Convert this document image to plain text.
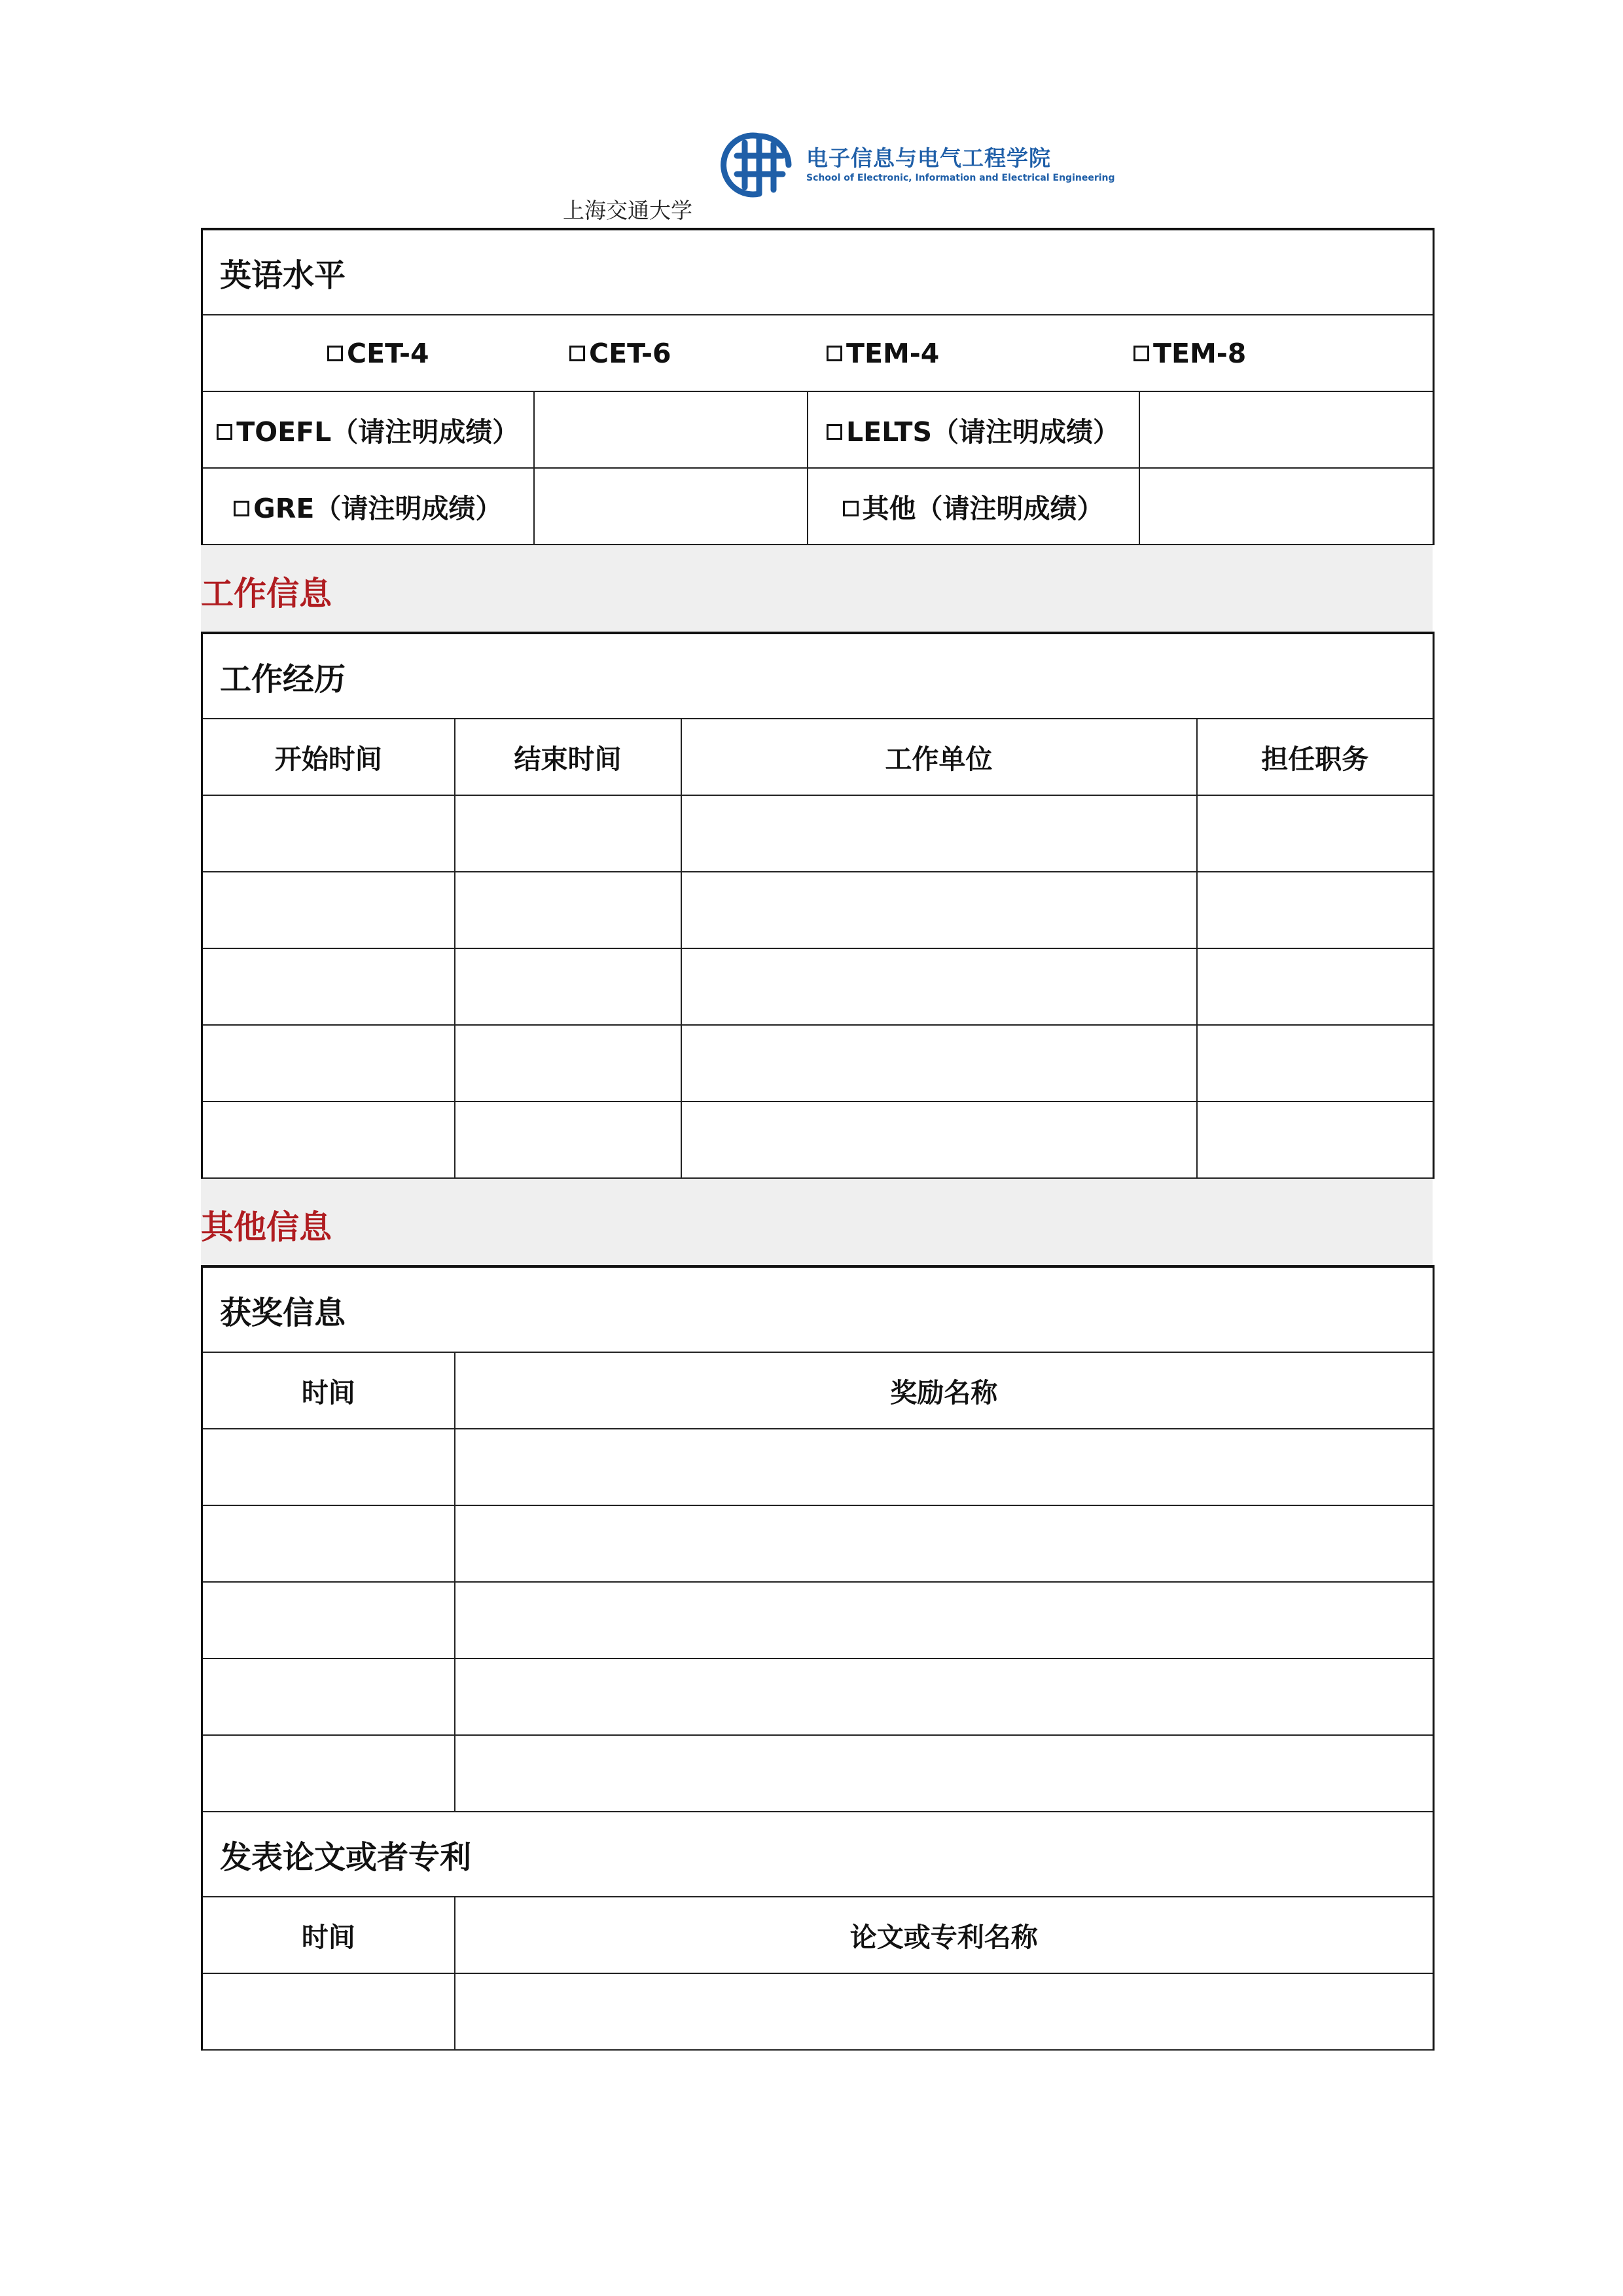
电子信息与电气工程学院
School of Electronic, Information and Electrical Engineering
上海交通大学
英语水平			

CET-4 CET-6 TEM-4 TEM-8			

TOEFL（请注明成绩）		LELTS（请注明成绩）	
GRE（请注明成绩）		其他（请注明成绩）	
工作信息
工作经历			
开始时间	结束时间	工作单位	担任职务

其他信息
获奖信息	
时间	奖励名称

发表论文或者专利	
时间	论文或专利名称
